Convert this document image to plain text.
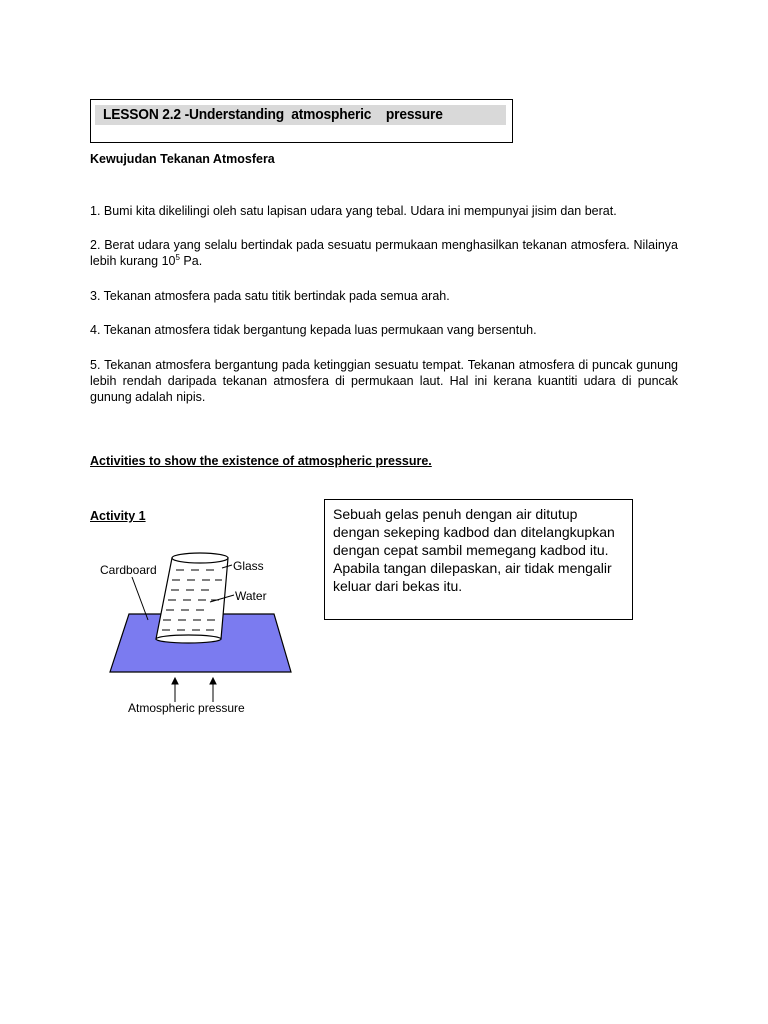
LESSON 2.2 -Understanding  atmospheric    pressure
Kewujudan Tekanan Atmosfera
1. Bumi kita dikelilingi oleh satu lapisan udara yang tebal. Udara ini mempunyai jisim dan berat.
2. Berat udara yang selalu bertindak pada sesuatu permukaan menghasilkan tekanan atmosfera. Nilainya lebih kurang $10^5$ Pa.
3. Tekanan atmosfera pada satu titik bertindak pada semua arah.
4. Tekanan atmosfera tidak bergantung kepada luas permukaan vang bersentuh.
5. Tekanan atmosfera bergantung pada ketinggian sesuatu tempat. Tekanan atmosfera di puncak gunung lebih rendah daripada tekanan atmosfera di permukaan laut. Hal ini kerana kuantiti udara di puncak gunung adalah nipis.
Activities to show the existence of atmospheric pressure.
Activity 1	Sebuah gelas penuh dengan air ditutup dengan sekeping kadbod dan ditelangkupkan dengan cepat sambil memegang kadbod itu. Apabila tangan dilepaskan, air tidak mengalir keluar dari bekas itu.
Cardboard	Glass
Water
Atmospheric pressure
